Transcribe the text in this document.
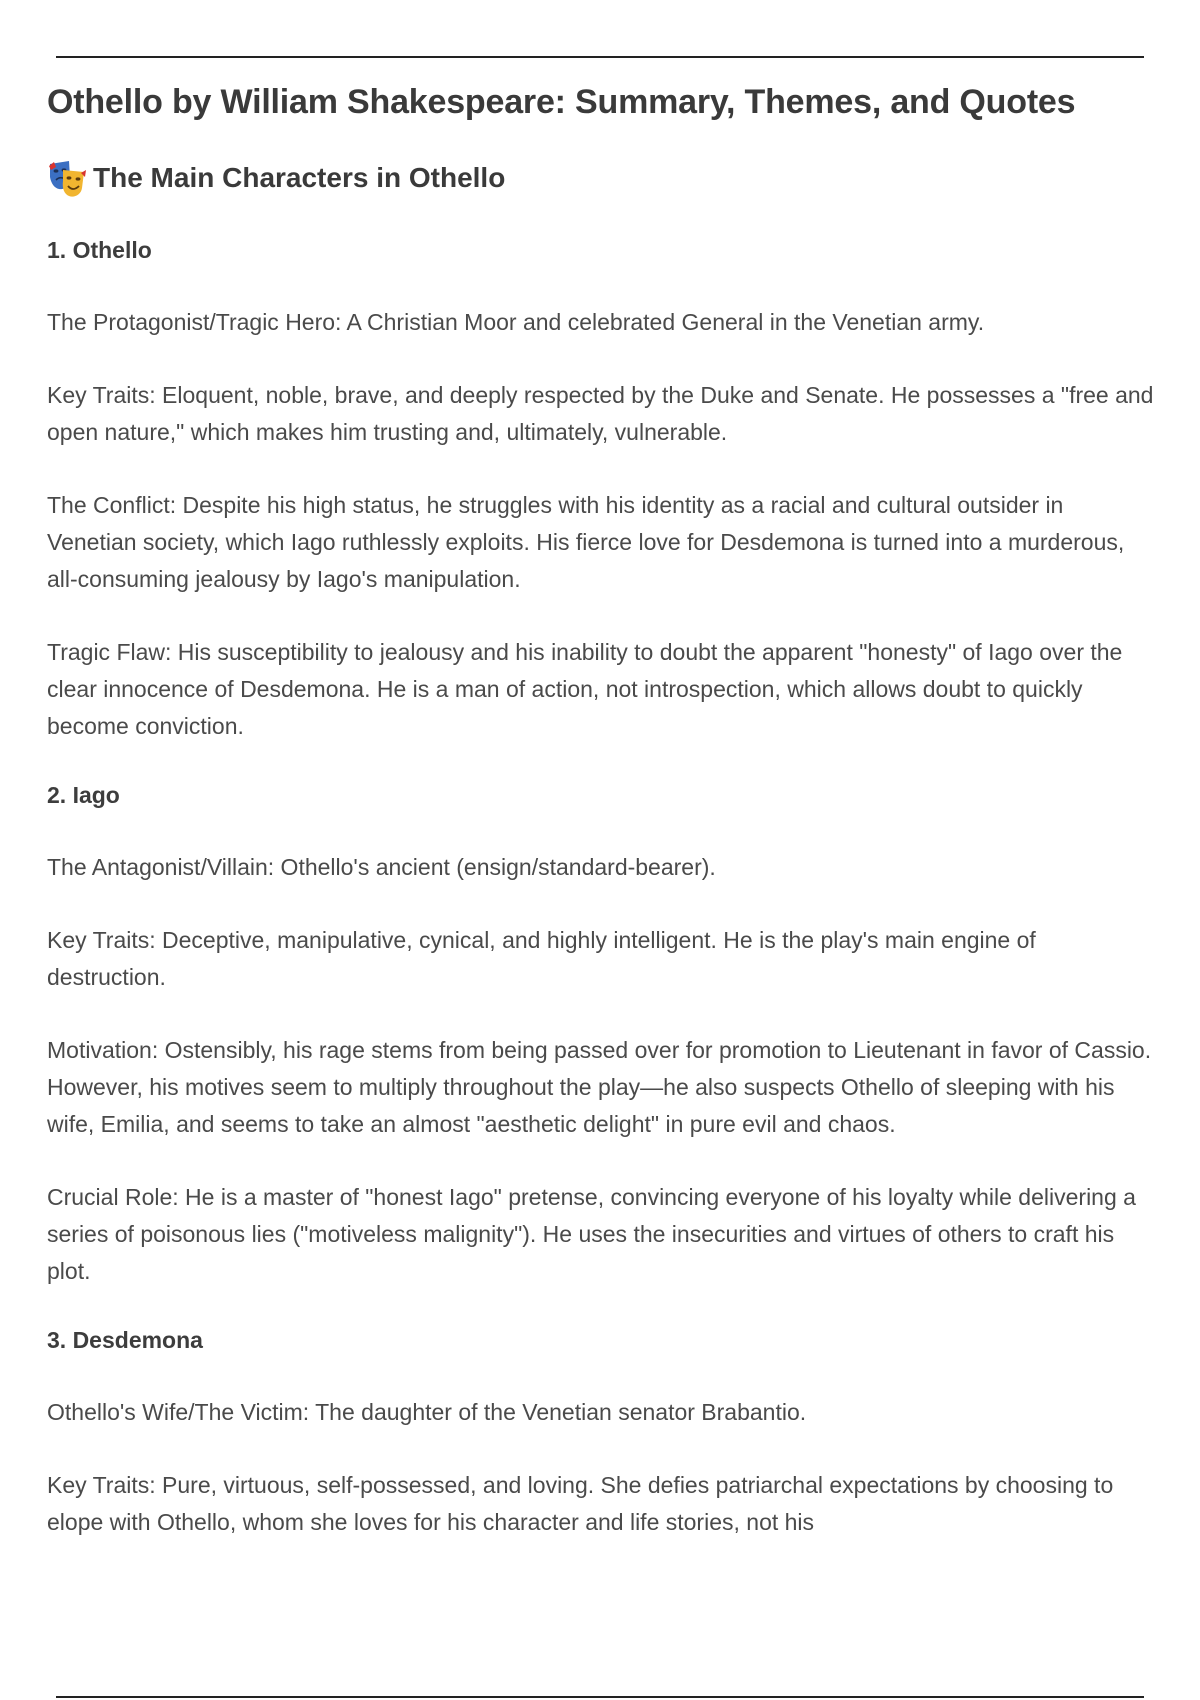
Othello by William Shakespeare: Summary, Themes, and Quotes
The Main Characters in Othello
1. Othello

The Protagonist/Tragic Hero: A Christian Moor and celebrated General in the Venetian army.

Key Traits: Eloquent, noble, brave, and deeply respected by the Duke and Senate. He possesses a "free and open nature," which makes him trusting and, ultimately, vulnerable.

The Conflict: Despite his high status, he struggles with his identity as a racial and cultural outsider in Venetian society, which Iago ruthlessly exploits. His fierce love for Desdemona is turned into a murderous, all-consuming jealousy by Iago's manipulation.

Tragic Flaw: His susceptibility to jealousy and his inability to doubt the apparent "honesty" of Iago over the clear innocence of Desdemona. He is a man of action, not introspection, which allows doubt to quickly become conviction.

2. Iago

The Antagonist/Villain: Othello's ancient (ensign/standard-bearer).

Key Traits: Deceptive, manipulative, cynical, and highly intelligent. He is the play's main engine of destruction.

Motivation: Ostensibly, his rage stems from being passed over for promotion to Lieutenant in favor of Cassio. However, his motives seem to multiply throughout the play—he also suspects Othello of sleeping with his wife, Emilia, and seems to take an almost "aesthetic delight" in pure evil and chaos.

Crucial Role: He is a master of "honest Iago" pretense, convincing everyone of his loyalty while delivering a series of poisonous lies ("motiveless malignity"). He uses the insecurities and virtues of others to craft his plot.

3. Desdemona

Othello's Wife/The Victim: The daughter of the Venetian senator Brabantio.

Key Traits: Pure, virtuous, self-possessed, and loving. She defies patriarchal expectations by choosing to elope with Othello, whom she loves for his character and life stories, not his
